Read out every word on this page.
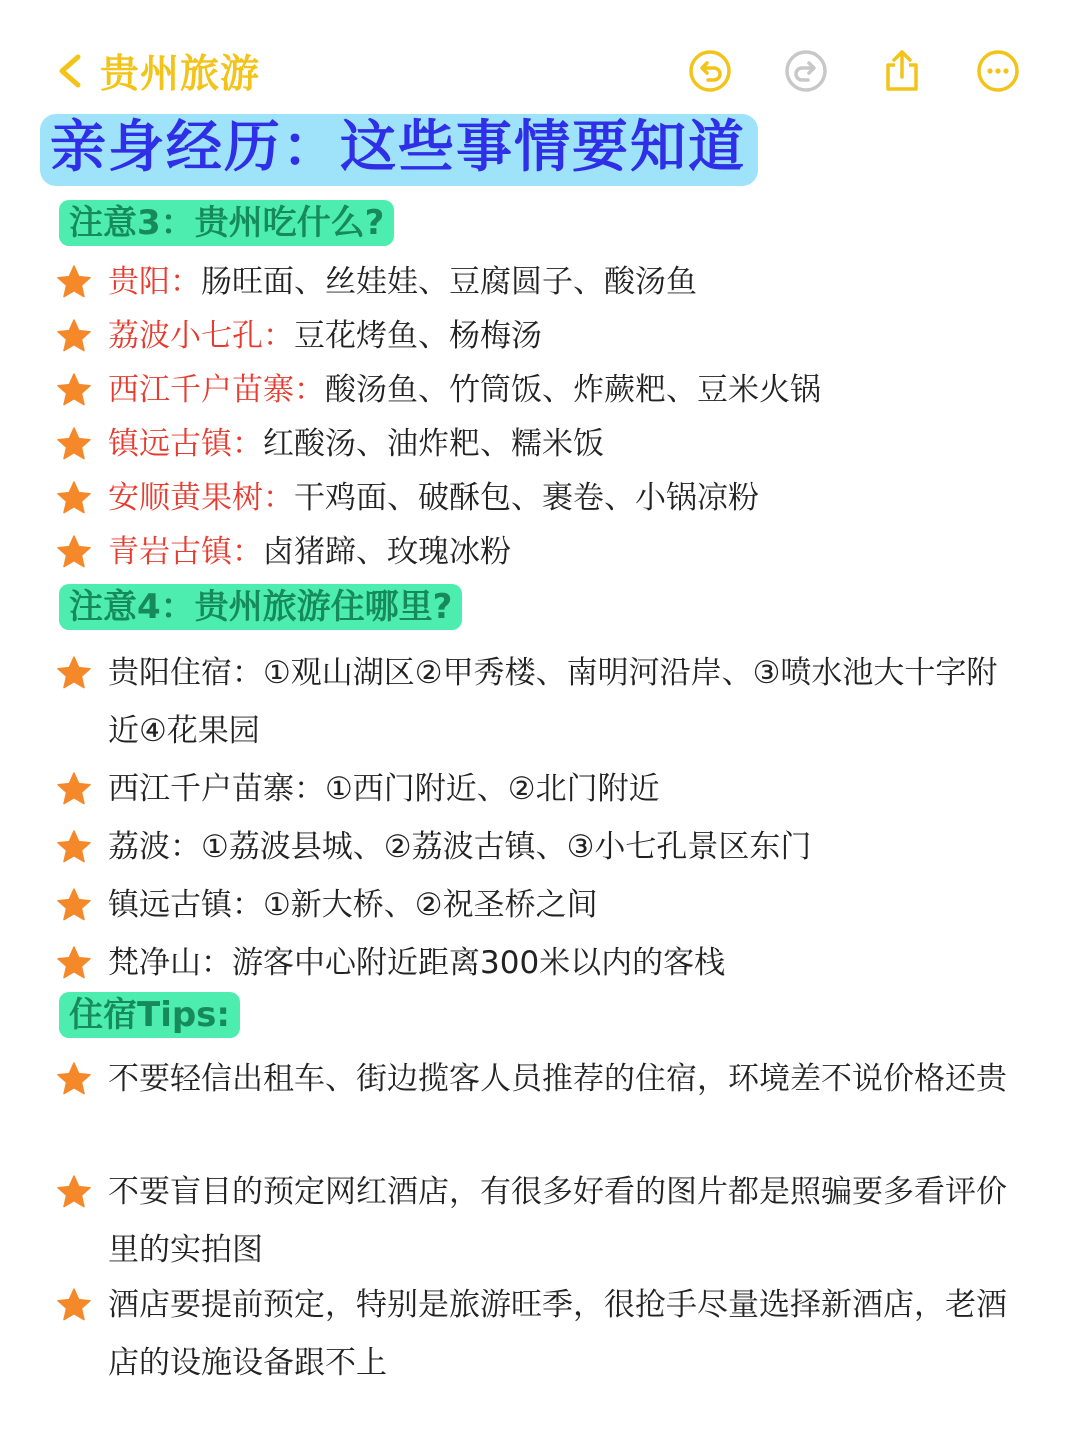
贵州旅游
亲身经历：这些事情要知道
注意3：贵州吃什么?
贵阳：肠旺面、丝娃娃、豆腐圆子、酸汤鱼
荔波小七孔：豆花烤鱼、杨梅汤
西江千户苗寨：酸汤鱼、竹筒饭、炸蕨粑、豆米火锅
镇远古镇：红酸汤、油炸粑、糯米饭
安顺黄果树：干鸡面、破酥包、裹卷、小锅凉粉
青岩古镇：卤猪蹄、玫瑰冰粉
注意4：贵州旅游住哪里?
贵阳住宿：①观山湖区②甲秀楼、南明河沿岸、③喷水池大十字附近④花果园
西江千户苗寨：①西门附近、②北门附近
荔波：①荔波县城、②荔波古镇、③小七孔景区东门
镇远古镇：①新大桥、②祝圣桥之间
梵净山：游客中心附近距离300米以内的客栈
住宿Tips:
不要轻信出租车、街边揽客人员推荐的住宿，环境差不说价格还贵
不要盲目的预定网红酒店，有很多好看的图片都是照骗要多看评价里的实拍图
酒店要提前预定，特别是旅游旺季，很抢手尽量选择新酒店，老酒店的设施设备跟不上
